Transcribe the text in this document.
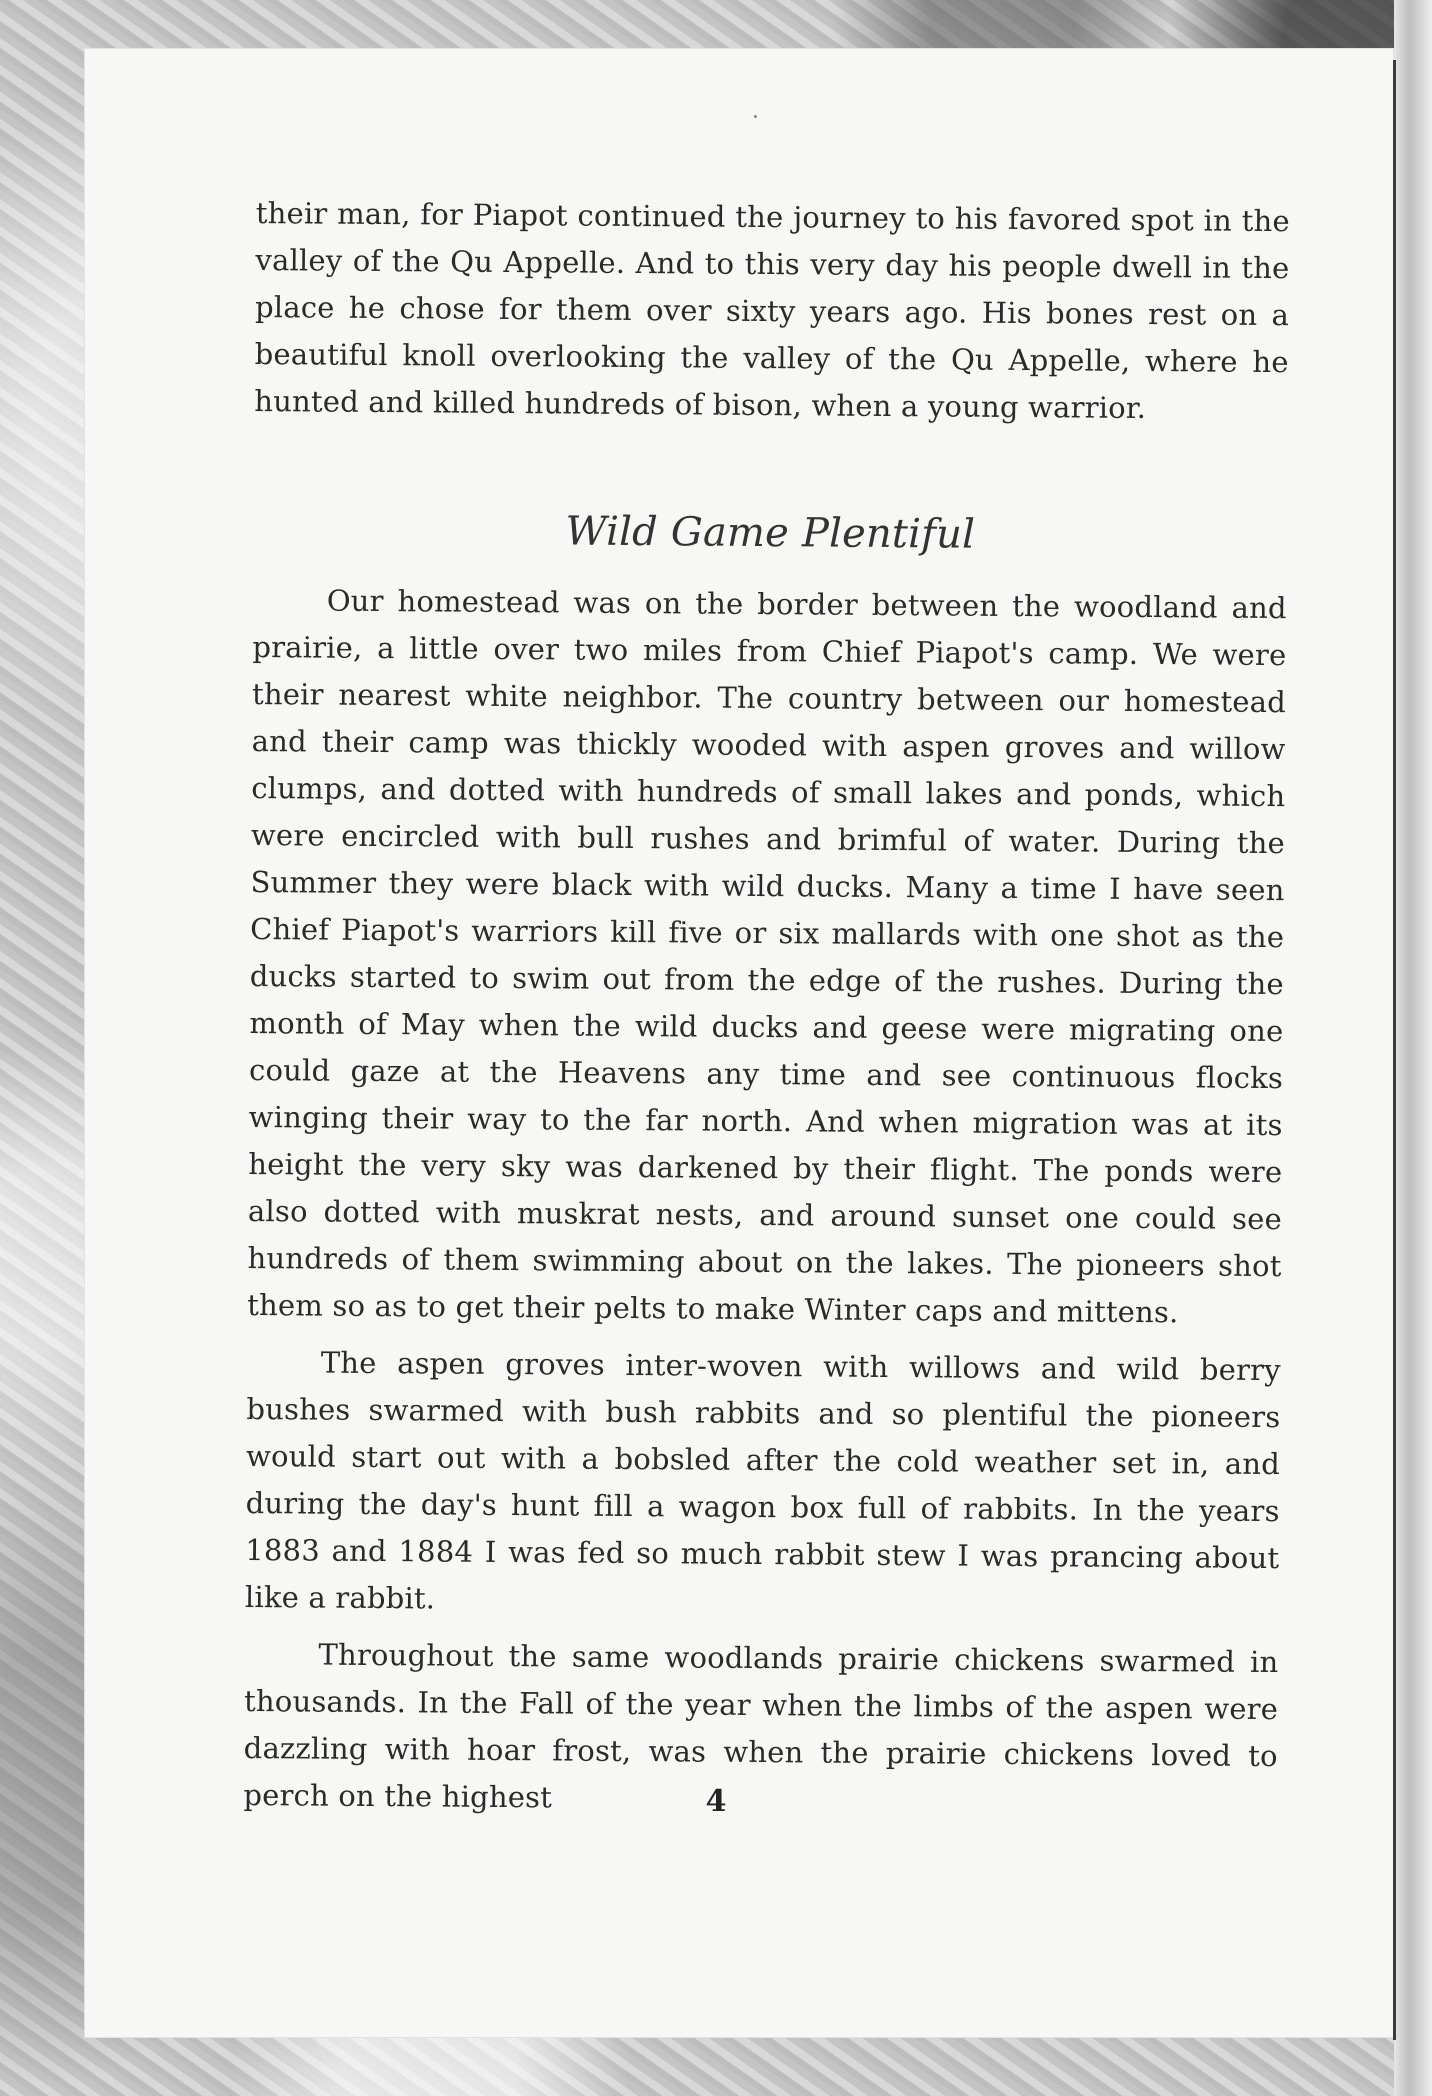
their man, for Piapot continued the journey to his favored spot in the valley of the Qu Appelle. And to this very day his people dwell in the place he chose for them over sixty years ago. His bones rest on a beautiful knoll overlooking the valley of the Qu Appelle, where he hunted and killed hundreds of bison, when a young warrior.

Wild Game Plentiful

Our homestead was on the border between the woodland and prairie, a little over two miles from Chief Piapot's camp. We were their nearest white neighbor. The country between our homestead and their camp was thickly wooded with aspen groves and willow clumps, and dotted with hundreds of small lakes and ponds, which were encircled with bull rushes and brimful of water. During the Summer they were black with wild ducks. Many a time I have seen Chief Piapot's warriors kill five or six mallards with one shot as the ducks started to swim out from the edge of the rushes. During the month of May when the wild ducks and geese were migrating one could gaze at the Heavens any time and see continuous flocks winging their way to the far north. And when migration was at its height the very sky was darkened by their flight. The ponds were also dotted with muskrat nests, and around sunset one could see hundreds of them swimming about on the lakes. The pioneers shot them so as to get their pelts to make Winter caps and mittens.

The aspen groves inter-woven with willows and wild berry bushes swarmed with bush rabbits and so plentiful the pioneers would start out with a bobsled after the cold weather set in, and during the day's hunt fill a wagon box full of rabbits. In the years 1883 and 1884 I was fed so much rabbit stew I was prancing about like a rabbit.

Throughout the same woodlands prairie chickens swarmed in thousands. In the Fall of the year when the limbs of the aspen were dazzling with hoar frost, was when the prairie chickens loved to perch on the highest	4
